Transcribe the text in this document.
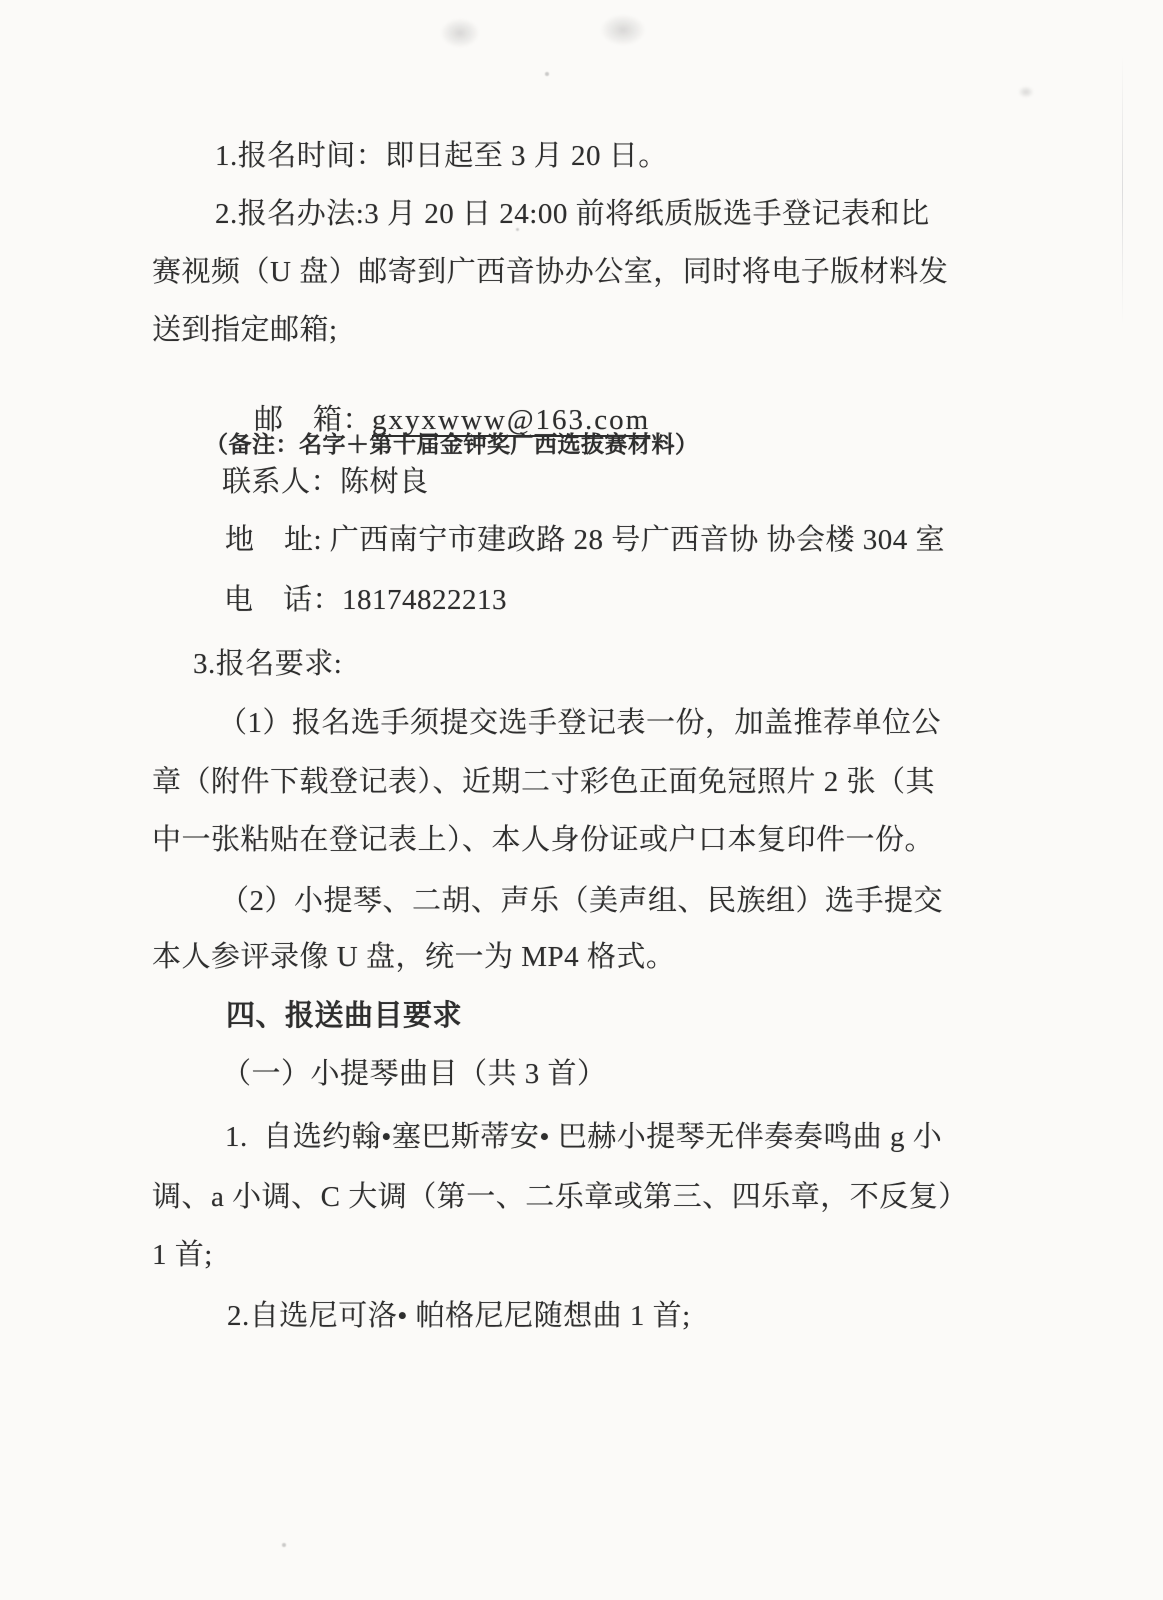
1.报名时间：即日起至 3 月 20 日。
2.报名办法:3 月 20 日 24:00 前将纸质版选手登记表和比
赛视频（U 盘）邮寄到广西音协办公室，同时将电子版材料发
送到指定邮箱;

邮　箱：gxyxwww@163.com

（备注：名字＋第十届金钟奖广西选拔赛材料）
联系人：陈树良
地　址: 广西南宁市建政路 28 号广西音协 协会楼 304 室
电　话：18174822213
3.报名要求:
（1）报名选手须提交选手登记表一份，加盖推荐单位公
章（附件下载登记表）、近期二寸彩色正面免冠照片 2 张（其
中一张粘贴在登记表上）、本人身份证或户口本复印件一份。
（2）小提琴、二胡、声乐（美声组、民族组）选手提交
本人参评录像 U 盘，统一为 MP4 格式。
四、报送曲目要求
（一）小提琴曲目（共 3 首）
1.  自选约翰•塞巴斯蒂安• 巴赫小提琴无伴奏奏鸣曲 g 小
调、a 小调、C 大调（第一、二乐章或第三、四乐章，不反复）
1 首;
2.自选尼可洛• 帕格尼尼随想曲 1 首;
